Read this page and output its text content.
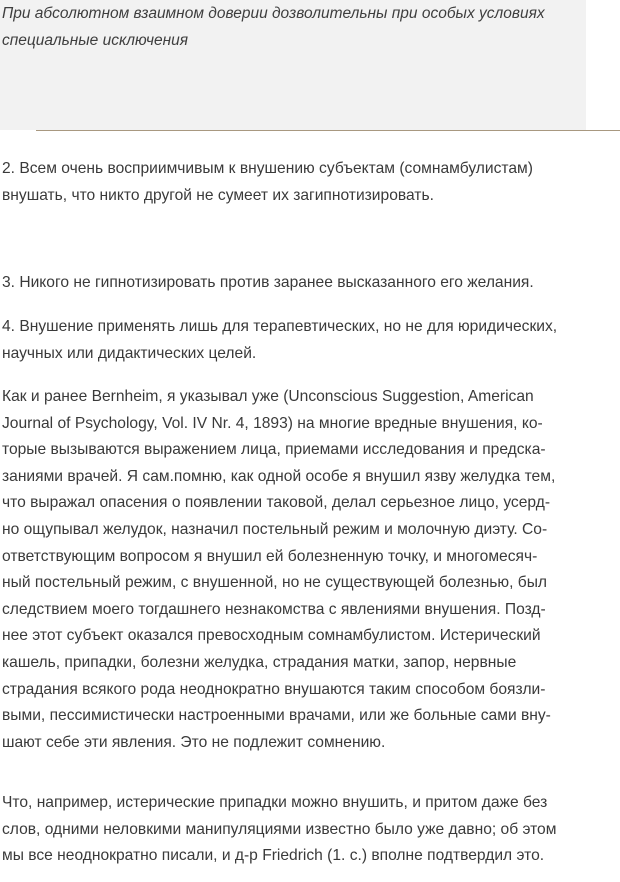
При абсолютном взаимном доверии дозволительны при особых условиях
специальные исключения

2. Всем очень восприимчивым к внушению субъектам (сомнамбулистам)
внушать, что никто другой не сумеет их загипнотизировать.

3. Никого не гипнотизировать против заранее высказанного его желания.

4. Внушение применять лишь для терапевтических, но не для юридических,
научных или дидактических целей.

Как и ранее Bernheim, я указывал уже (Unconscious Suggestion, American
Journal of Psychology, Vol. IV Nr. 4, 1893) на многие вредные внушения, ко-
торые вызываются выражением лица, приемами исследования и предска-
заниями врачей. Я сам.помню, как одной особе я внушил язву желудка тем,
что выражал опасения о появлении таковой, делал серьезное лицо, усерд-
но ощупывал желудок, назначил постельный режим и молочную диэту. Со-
ответствующим вопросом я внушил ей болезненную точку, и многомесяч-
ный постельный режим, с внушенной, но не существующей болезнью, был
следствием моего тогдашнего незнакомства с явлениями внушения. Позд-
нее этот субъект оказался превосходным сомнамбулистом. Истерический
кашель, припадки, болезни желудка, страдания матки, запор, нервные
страдания всякого рода неоднократно внушаются таким способом боязли-
выми, пессимистически настроенными врачами, или же больные сами вну-
шают себе эти явления. Это не подлежит сомнению.

Что, например, истерические припадки можно внушить, и притом даже без
слов, одними неловкими манипуляциями известно было уже давно; об этом
мы все неоднократно писали, и д-р Friedrich (1. с.) вполне подтвердил это.
